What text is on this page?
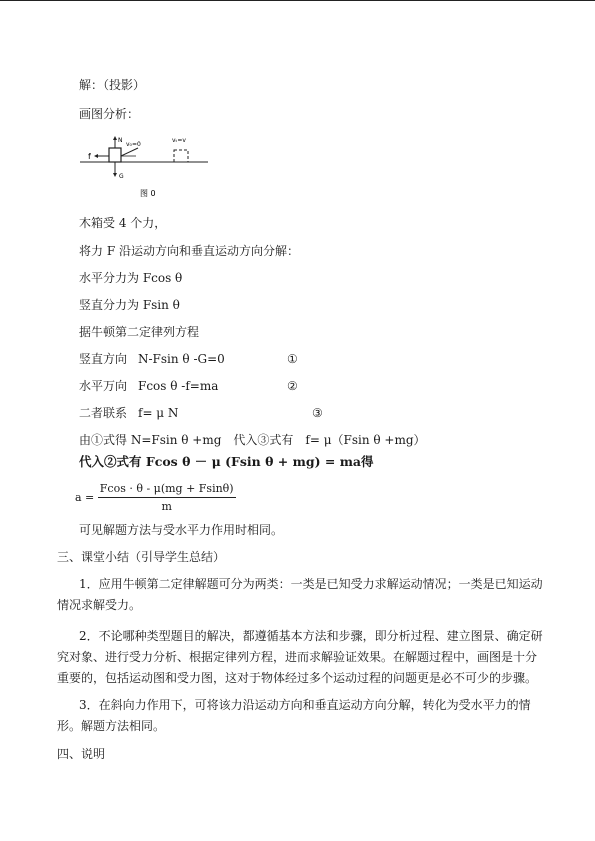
解：（投影）
画图分析：
f
N
G
v₀=0
vₜ=v
图 0
木箱受 4 个力，
将力 F 沿运动方向和垂直运动方向分解：
水平分力为 Fcos θ
竖直分力为 Fsin θ
据牛顿第二定律列方程
竖直方向 N-Fsin θ -G=0	①
水平万向 Fcos θ -f=ma	②
二者联系 f= μ N	③
由①式得 N=Fsin θ +mg　代入③式有　f= μ（Fsin θ +mg）
代入②式有 Fcos θ － μ (Fsin θ + mg) = ma得
$a = \frac{Fcos \cdot \theta - \mu(mg + Fsin\theta)}{m}$
可见解题方法与受水平力作用时相同。
三、课堂小结（引导学生总结）
1．应用牛顿第二定律解题可分为两类：一类是已知受力求解运动情况；一类是已知运动情况求解受力。
2．不论哪种类型题目的解决，都遵循基本方法和步骤，即分析过程、建立图景、确定研究对象、进行受力分析、根据定律列方程，进而求解验证效果。在解题过程中，画图是十分重要的，包括运动图和受力图，这对于物体经过多个运动过程的问题更是必不可少的步骤。
3．在斜向力作用下，可将该力沿运动方向和垂直运动方向分解，转化为受水平力的情形。解题方法相同。
四、说明
